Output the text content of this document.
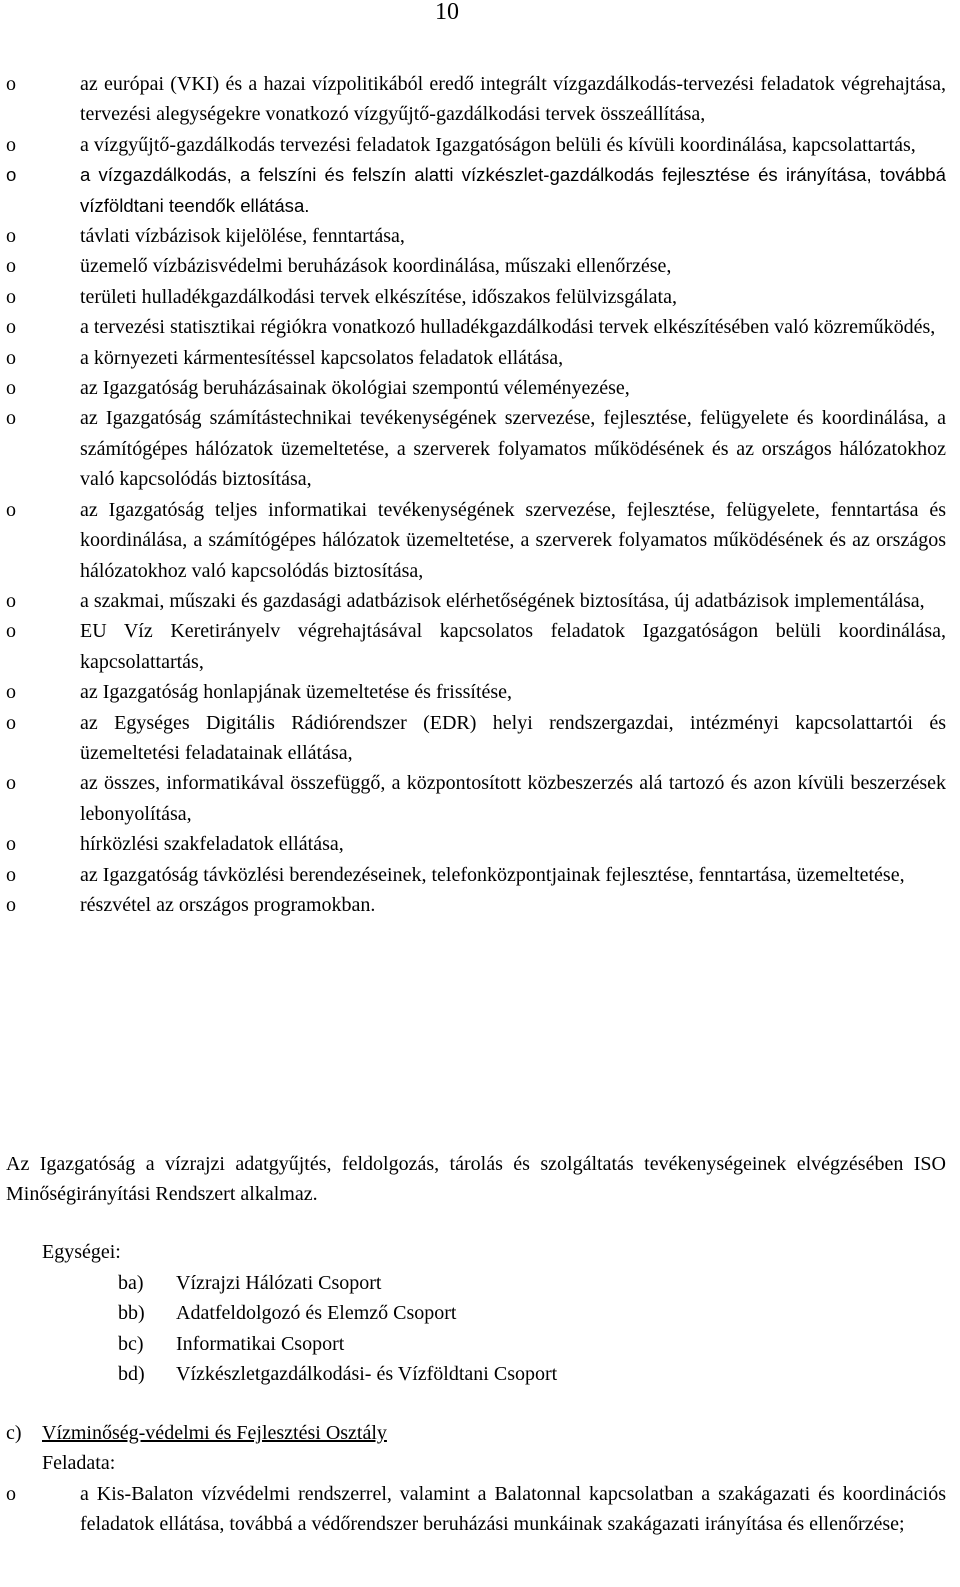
10
o	az európai (VKI) és a hazai vízpolitikából eredő integrált vízgazdálkodás-tervezési feladatok végrehajtása, tervezési alegységekre vonatkozó vízgyűjtő-gazdálkodási tervek összeállítása,
o	a vízgyűjtő-gazdálkodás tervezési feladatok Igazgatóságon belüli és kívüli koordinálása, kapcsolattartás,
o	a vízgazdálkodás, a felszíni és felszín alatti vízkészlet-gazdálkodás fejlesztése és irányítása, továbbá vízföldtani teendők ellátása.
o	távlati vízbázisok kijelölése, fenntartása,
o	üzemelő vízbázisvédelmi beruházások koordinálása, műszaki ellenőrzése,
o	területi hulladékgazdálkodási tervek elkészítése, időszakos felülvizsgálata,
o	a tervezési statisztikai régiókra vonatkozó hulladékgazdálkodási tervek elkészítésében való közreműködés,
o	a környezeti kármentesítéssel kapcsolatos feladatok ellátása,
o	az Igazgatóság beruházásainak ökológiai szempontú véleményezése,
o	az Igazgatóság számítástechnikai tevékenységének szervezése, fejlesztése, felügyelete és koordinálása, a számítógépes hálózatok üzemeltetése, a szerverek folyamatos működésének és az országos hálózatokhoz való kapcsolódás biztosítása,
o	az Igazgatóság teljes informatikai tevékenységének szervezése, fejlesztése, felügyelete, fenntartása és koordinálása, a számítógépes hálózatok üzemeltetése, a szerverek folyamatos működésének és az országos hálózatokhoz való kapcsolódás biztosítása,
o	a szakmai, műszaki és gazdasági adatbázisok elérhetőségének biztosítása, új adatbázisok implementálása,
o	EU Víz Keretirányelv végrehajtásával kapcsolatos feladatok Igazgatóságon belüli koordinálása, kapcsolattartás,
o	az Igazgatóság honlapjának üzemeltetése és frissítése,
o	az Egységes Digitális Rádiórendszer (EDR) helyi rendszergazdai, intézményi kapcsolattartói és üzemeltetési feladatainak ellátása,
o	az összes, informatikával összefüggő, a központosított közbeszerzés alá tartozó és azon kívüli beszerzések lebonyolítása,
o	hírközlési szakfeladatok ellátása,
o	az Igazgatóság távközlési berendezéseinek, telefonközpontjainak fejlesztése, fenntartása, üzemeltetése,
o	részvétel az országos programokban.

Az Igazgatóság a vízrajzi adatgyűjtés, feldolgozás, tárolás és szolgáltatás tevékenységeinek elvégzésében ISO Minőségirányítási Rendszert alkalmaz.

Egységei:
ba) Vízrajzi Hálózati Csoport
bb) Adatfeldolgozó és Elemző Csoport
bc) Informatikai Csoport
bd) Vízkészletgazdálkodási- és Vízföldtani Csoport
c) Vízminőség-védelmi és Fejlesztési Osztály
Feladata:
o	a Kis-Balaton vízvédelmi rendszerrel, valamint a Balatonnal kapcsolatban a szakágazati és koordinációs feladatok ellátása, továbbá a védőrendszer beruházási munkáinak szakágazati irányítása és ellenőrzése;
